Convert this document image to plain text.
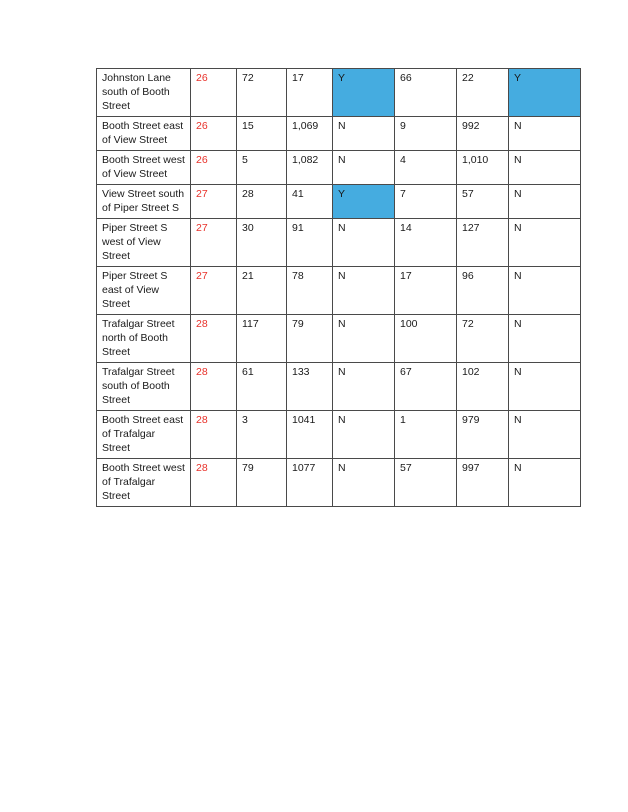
Johnston Lane south of Booth Street	26	72	17	Y	66	22	Y
Booth Street east of View Street	26	15	1,069	N	9	992	N
Booth Street west of View Street	26	5	1,082	N	4	1,010	N
View Street south of Piper Street S	27	28	41	Y	7	57	N
Piper Street S west of View Street	27	30	91	N	14	127	N
Piper Street S east of View Street	27	21	78	N	17	96	N
Trafalgar Street north of Booth Street	28	117	79	N	100	72	N
Trafalgar Street south of Booth Street	28	61	133	N	67	102	N
Booth Street east of Trafalgar Street	28	3	1041	N	1	979	N
Booth Street west of Trafalgar Street	28	79	1077	N	57	997	N
